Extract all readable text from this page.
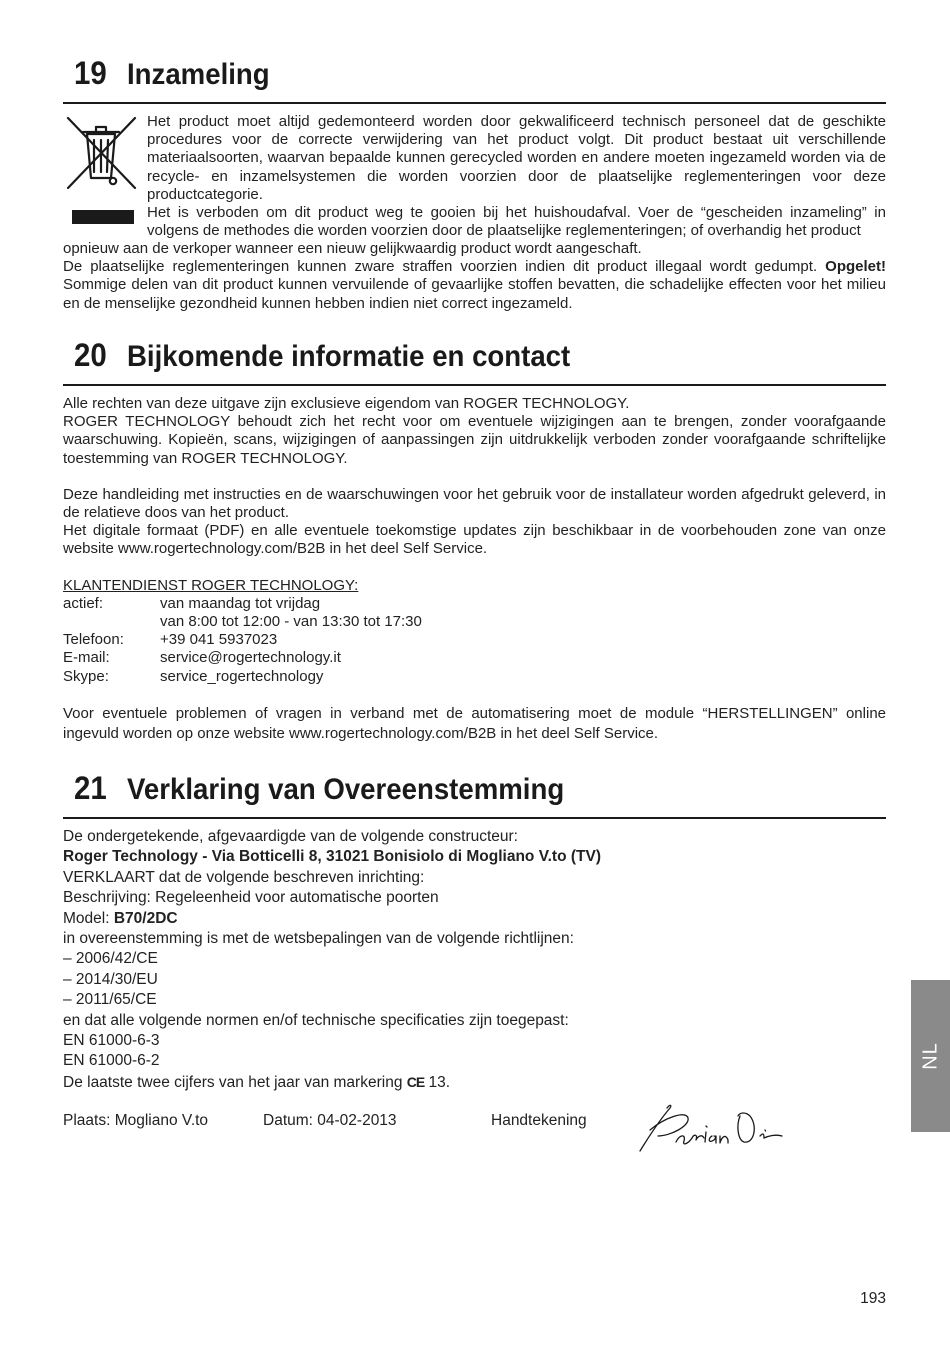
19 Inzameling

Het product moet altijd gedemonteerd worden door gekwalificeerd technisch personeel dat de geschikte procedures voor de correcte verwijdering van het product volgt. Dit product bestaat uit verschillende materiaalsoorten, waarvan bepaalde kunnen gerecycled worden en andere moeten ingezameld worden via de recycle- en inzamelsystemen die worden voorzien door de plaatselijke reglementeringen voor deze productcategorie.

Het is verboden om dit product weg te gooien bij het huishoudafval. Voer de “gescheiden inzameling” in volgens de methodes die worden voorzien door de plaatselijke reglementeringen; of overhandig het product

opnieuw aan de verkoper wanneer een nieuw gelijkwaardig product wordt aangeschaft.

De plaatselijke reglementeringen kunnen zware straffen voorzien indien dit product illegaal wordt gedumpt. Opgelet! Sommige delen van dit product kunnen vervuilende of gevaarlijke stoffen bevatten, die schadelijke effecten voor het milieu en de menselijke gezondheid kunnen hebben indien niet correct ingezameld.

20 Bijkomende informatie en contact

Alle rechten van deze uitgave zijn exclusieve eigendom van ROGER TECHNOLOGY.

ROGER TECHNOLOGY behoudt zich het recht voor om eventuele wijzigingen aan te brengen, zonder voorafgaande waarschuwing. Kopieën, scans, wijzigingen of aanpassingen zijn uitdrukkelijk verboden zonder voorafgaande schriftelijke toestemming van ROGER TECHNOLOGY.

Deze handleiding met instructies en de waarschuwingen voor het gebruik voor de installateur worden afgedrukt geleverd, in de relatieve doos van het product.

Het digitale formaat (PDF) en alle eventuele toekomstige updates zijn beschikbaar in de voorbehouden zone van onze website www.rogertechnology.com/B2B in het deel Self Service.

KLANTENDIENST ROGER TECHNOLOGY:

actief:	van maandag tot vrijdag
van 8:00 tot 12:00 - van 13:30 tot 17:30
Telefoon:	+39 041 5937023
E-mail:	service@rogertechnology.it
Skype:	service_rogertechnology

Voor eventuele problemen of vragen in verband met de automatisering moet de module “HERSTELLINGEN” online ingevuld worden op onze website www.rogertechnology.com/B2B in het deel Self Service.

21 Verklaring van Overeenstemming
De ondergetekende, afgevaardigde van de volgende constructeur:
Roger Technology - Via Botticelli 8, 31021 Bonisiolo di Mogliano V.to (TV)
VERKLAART dat de volgende beschreven inrichting:
Beschrijving: Regeleenheid voor automatische poorten
Model: B70/2DC
in overeenstemming is met de wetsbepalingen van de volgende richtlijnen:
– 2006/42/CE
– 2014/30/EU
– 2011/65/CE
en dat alle volgende normen en/of technische specificaties zijn toegepast:
EN 61000-6-3
EN 61000-6-2
De laatste twee cijfers van het jaar van markering CE 13.
Plaats: Mogliano V.to	Datum: 04-02-2013	Handtekening
NL
193
